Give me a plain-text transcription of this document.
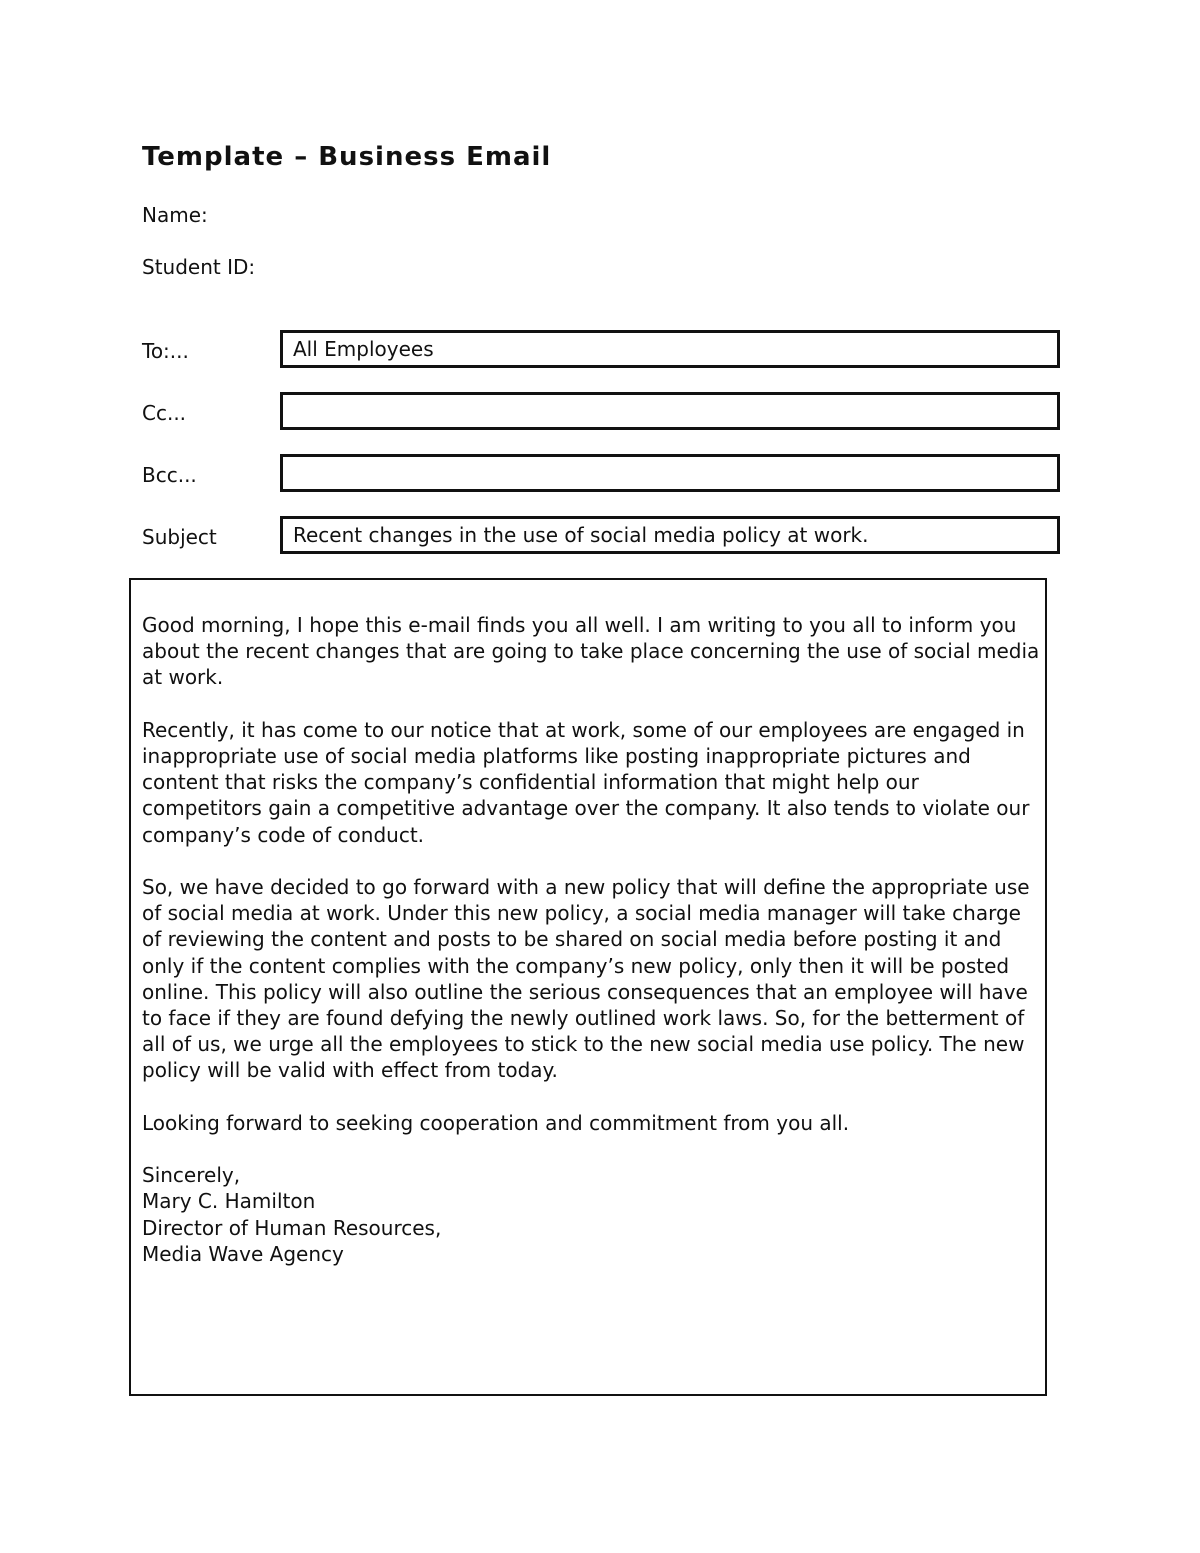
Template – Business Email
Name:
Student ID:
To:...	All Employees
Cc...
Bcc...
Subject	Recent changes in the use of social media policy at work.

Good morning, I hope this e-mail finds you all well. I am writing to you all to inform you about the recent changes that are going to take place concerning the use of social media at work.

Recently, it has come to our notice that at work, some of our employees are engaged in inappropriate use of social media platforms like posting inappropriate pictures and content that risks the company’s confidential information that might help our competitors gain a competitive advantage over the company. It also tends to violate our company’s code of conduct.

So, we have decided to go forward with a new policy that will define the appropriate use of social media at work. Under this new policy, a social media manager will take charge of reviewing the content and posts to be shared on social media before posting it and only if the content complies with the company’s new policy, only then it will be posted online. This policy will also outline the serious consequences that an employee will have to face if they are found defying the newly outlined work laws. So, for the betterment of all of us, we urge all the employees to stick to the new social media use policy. The new policy will be valid with effect from today.

Looking forward to seeking cooperation and commitment from you all.

Sincerely,
Mary C. Hamilton
Director of Human Resources,
Media Wave Agency
